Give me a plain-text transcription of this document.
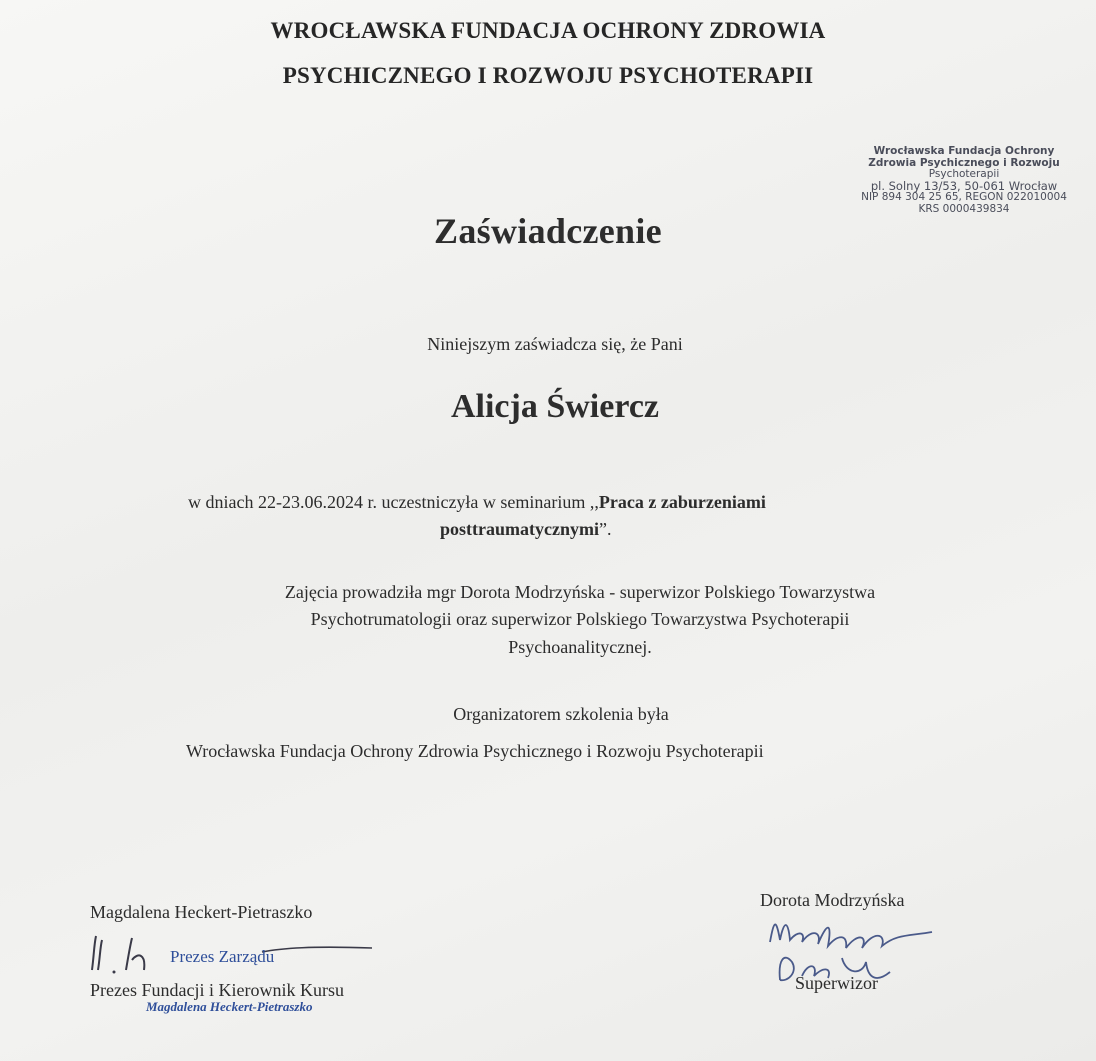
WROCŁAWSKA FUNDACJA OCHRONY ZDROWIA
PSYCHICZNEGO I ROZWOJU PSYCHOTERAPII
Wrocławska Fundacja Ochrony
Zdrowia Psychicznego i Rozwoju
Psychoterapii
pl. Solny 13/53, 50-061 Wrocław
NIP 894 304 25 65, REGON 022010004
KRS 0000439834
Zaświadczenie
Niniejszym zaświadcza się, że Pani
Alicja Świercz
w dniach 22-23.06.2024 r. uczestniczyła w seminarium ,,Praca z zaburzeniami
posttraumatycznymi”.
Zajęcia prowadziła mgr Dorota Modrzyńska - superwizor Polskiego Towarzystwa
Psychotrumatologii oraz superwizor Polskiego Towarzystwa Psychoterapii
Psychoanalitycznej.
Organizatorem szkolenia była
Wrocławska Fundacja Ochrony Zdrowia Psychicznego i Rozwoju Psychoterapii
Magdalena Heckert-Pietraszko
Prezes Zarządu
Prezes Fundacji i Kierownik Kursu
Magdalena Heckert-Pietraszko
Dorota Modrzyńska
Superwizor
